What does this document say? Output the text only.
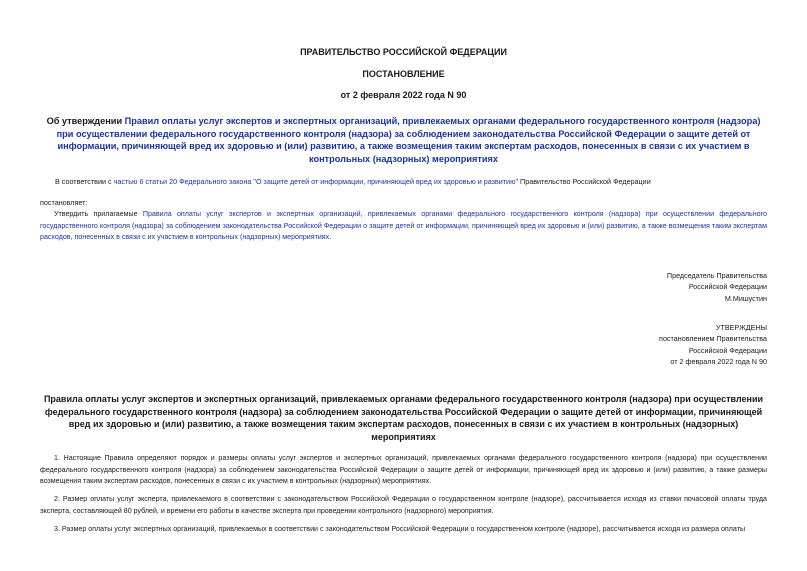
ПРАВИТЕЛЬСТВО РОССИЙСКОЙ ФЕДЕРАЦИИ
ПОСТАНОВЛЕНИЕ
от 2 февраля 2022 года N 90
Об утверждении Правил оплаты услуг экспертов и экспертных организаций, привлекаемых органами федерального государственного контроля (надзора) при осуществлении федерального государственного контроля (надзора) за соблюдением законодательства Российской Федерации о защите детей от информации, причиняющей вред их здоровью и (или) развитию, а также возмещения таким экспертам расходов, понесенных в связи с их участием в контрольных (надзорных) мероприятиях
В соответствии с частью 6 статьи 20 Федерального закона "О защите детей от информации, причиняющей вред их здоровью и развитию" Правительство Российской Федерации
постановляет:
Утвердить прилагаемые Правила оплаты услуг экспертов и экспертных организаций, привлекаемых органами федерального государственного контроля (надзора) при осуществлении федерального государственного контроля (надзора) за соблюдением законодательства Российской Федерации о защите детей от информации, причиняющей вред их здоровью и (или) развитию, а также возмещения таким экспертам расходов, понесенных в связи с их участием в контрольных (надзорных) мероприятиях.
Председатель Правительства
Российской Федерации
М.Мишустин
УТВЕРЖДЕНЫ
постановлением Правительства
Российской Федерации
от 2 февраля 2022 года N 90
Правила оплаты услуг экспертов и экспертных организаций, привлекаемых органами федерального государственного контроля (надзора) при осуществлении федерального государственного контроля (надзора) за соблюдением законодательства Российской Федерации о защите детей от информации, причиняющей вред их здоровью и (или) развитию, а также возмещения таким экспертам расходов, понесенных в связи с их участием в контрольных (надзорных) мероприятиях
1. Настоящие Правила определяют порядок и размеры оплаты услуг экспертов и экспертных организаций, привлекаемых органами федерального государственного контроля (надзора) при осуществлении федерального государственного контроля (надзора) за соблюдением законодательства Российской Федерации о защите детей от информации, причиняющей вред их здоровью и (или) развитию, а также размеры возмещения таким экспертам расходов, понесенных в связи с их участием в контрольных (надзорных) мероприятиях.
2. Размер оплаты услуг эксперта, привлекаемого в соответствии с законодательством Российской Федерации о государственном контроле (надзоре), рассчитывается исходя из ставки почасовой оплаты труда эксперта, составляющей 80 рублей, и времени его работы в качестве эксперта при проведении контрольного (надзорного) мероприятия.
3. Размер оплаты услуг экспертных организаций, привлекаемых в соответствии с законодательством Российской Федерации о государственном контроле (надзоре), рассчитывается исходя из размера оплаты
